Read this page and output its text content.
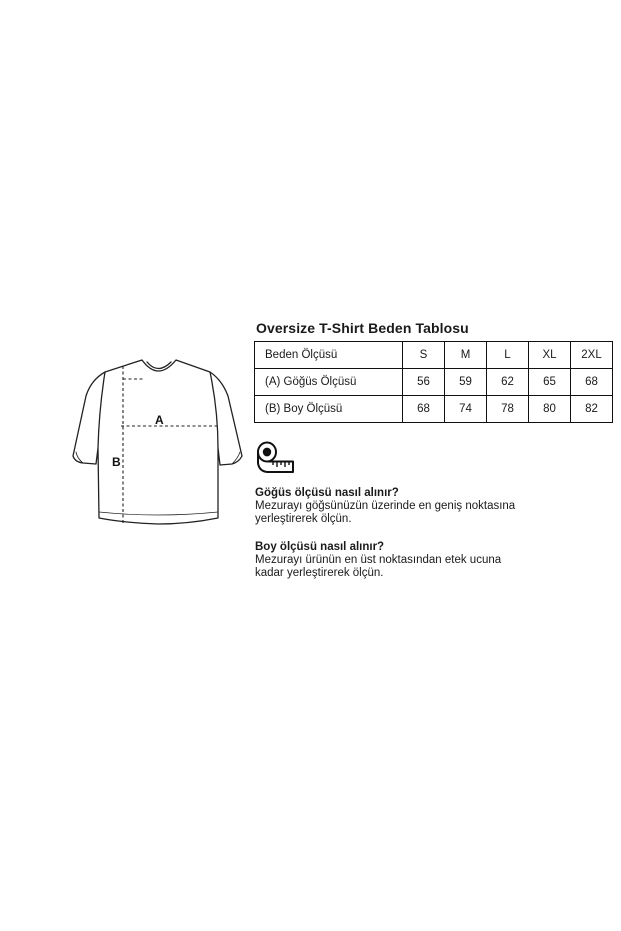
A
B
Oversize T-Shirt Beden Tablosu
Beden Ölçüsü	S	M	L	XL	2XL
(A) Göğüs Ölçüsü	56	59	62	65	68
(B) Boy Ölçüsü	68	74	78	80	82
Göğüs ölçüsü nasıl alınır?
Mezurayı göğsünüzün üzerinde en geniş noktasına
yerleştirerek ölçün.
Boy ölçüsü nasıl alınır?
Mezurayı ürünün en üst noktasından etek ucuna
kadar yerleştirerek ölçün.
